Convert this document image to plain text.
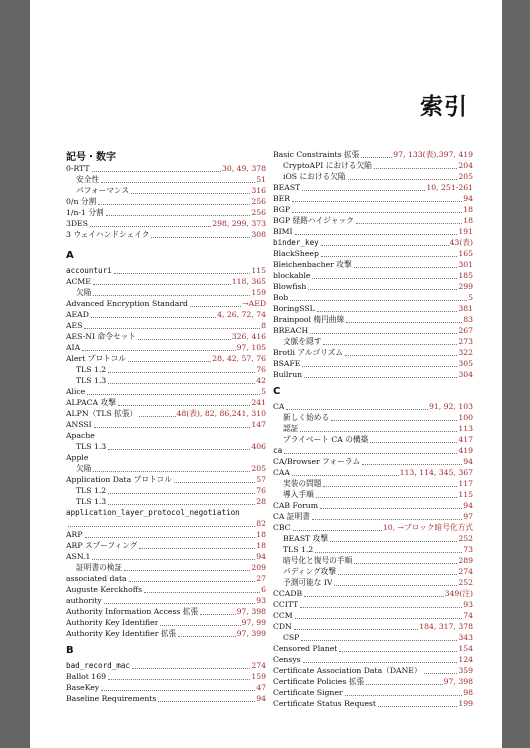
索引
記号・数字
0-RTT	30, 49, 378
安全性	51
パフォーマンス	316
0/n 分割	256
1/n-1 分割	256
3DES	298, 299, 373
3 ウェイハンドシェイク	308
A
accounturi	115
ACME	118, 365
欠陥	159
Advanced Encryption Standard	→AED
AEAD	4, 26, 72, 74
AES	8
AES-NI 命令セット	326, 416
AIA	97, 105
Alert プロトコル	28, 42, 57, 76
TLS 1.2	76
TLS 1.3	42
Alice	5
ALPACA 攻撃	241
ALPN（TLS 拡張）	48(表), 82, 86,241, 310
ANSSI	147
Apache
TLS 1.3	406
Apple
欠陥	205
Application Data プロトコル	57
TLS 1.2	76
TLS 1.3	28
application_layer_protocol_negotiation
82
ARP	18
ARP スプーフィング	18
ASN.1	94
証明書の検証	209
associated data	27
Auguste Kerckhoffs	6
authority	93
Authority Information Access 拡張	97, 398
Authority Key Identifier	97, 99
Authority Key Identifier 拡張	97, 399
B
bad_record_mac	274
Ballot 169	159
BaseKey	47
Baseline Requirements	94
Basic Constraints 拡張	97, 133(表),397, 419
CryptoAPI における欠陥	204
iOS における欠陥	205
BEAST	10, 251-261
BER	94
BGP	18
BGP 経路ハイジャック	18
BIMI	191
binder_key	43(表)
BlackSheep	165
Bleichenbacher 攻撃	301
blockable	185
Blowfish	299
Bob	5
BoringSSL	381
Brainpool 楕円曲線	83
BREACH	267
文脈を隠す	273
Brotli アルゴリズム	322
BSAFE	305
Bullrun	304
C
CA	91, 92, 103
新しく始める	100
認証	113
プライベート CA の構築	417
ca	419
CA/Browser フォーラム	94
CAA	113, 114, 345, 367
実装の問題	117
導入手順	115
CAB Forum	94
CA 証明書	97
CBC	10, →ブロック暗号化方式
BEAST 攻撃	252
TLS 1.2	73
暗号化と復号の手順	289
パディング攻撃	274
予測可能な IV	252
CCADB	349(注)
CCITT	93
CCM	74
CDN	184, 317, 378
CSP	343
Censored Planet	154
Censys	124
Certificate Association Data（DANE）	359
Certificate Policies 拡張	97, 398
Certificate Signer	98
Certificate Status Request	199
